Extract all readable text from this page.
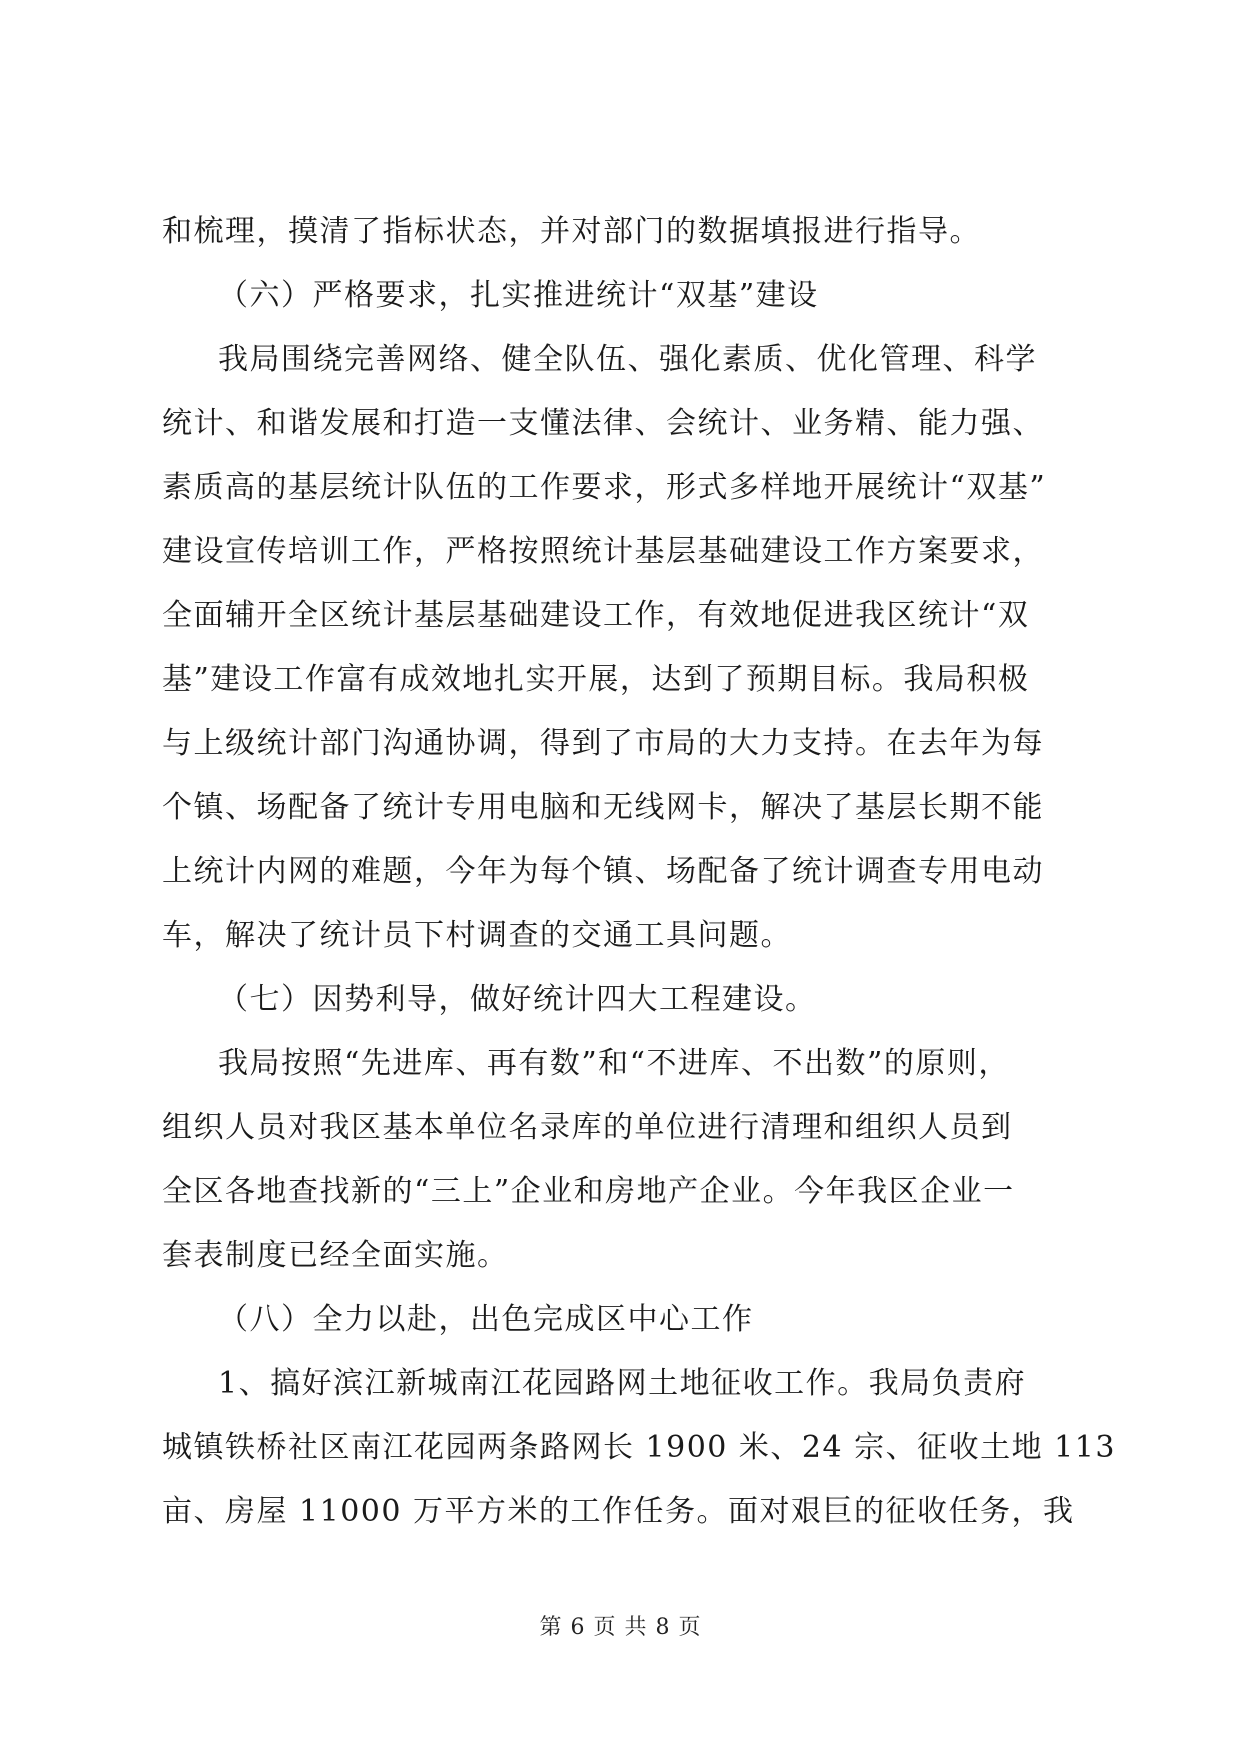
和梳理，摸清了指标状态，并对部门的数据填报进行指导。
（六）严格要求，扎实推进统计“双基”建设
我局围绕完善网络、健全队伍、强化素质、优化管理、科学
统计、和谐发展和打造一支懂法律、会统计、业务精、能力强、
素质高的基层统计队伍的工作要求，形式多样地开展统计“双基”
建设宣传培训工作，严格按照统计基层基础建设工作方案要求，
全面辅开全区统计基层基础建设工作，有效地促进我区统计“双
基”建设工作富有成效地扎实开展，达到了预期目标。我局积极
与上级统计部门沟通协调，得到了市局的大力支持。在去年为每
个镇、场配备了统计专用电脑和无线网卡，解决了基层长期不能
上统计内网的难题，今年为每个镇、场配备了统计调查专用电动
车，解决了统计员下村调查的交通工具问题。
（七）因势利导，做好统计四大工程建设。
我局按照“先进库、再有数”和“不进库、不出数”的原则，
组织人员对我区基本单位名录库的单位进行清理和组织人员到
全区各地查找新的“三上”企业和房地产企业。今年我区企业一
套表制度已经全面实施。
（八）全力以赴，出色完成区中心工作
1、搞好滨江新城南江花园路网土地征收工作。我局负责府
城镇铁桥社区南江花园两条路网长 1900 米、24 宗、征收土地 113
亩、房屋 11000 万平方米的工作任务。面对艰巨的征收任务，我
第 6 页 共 8 页
